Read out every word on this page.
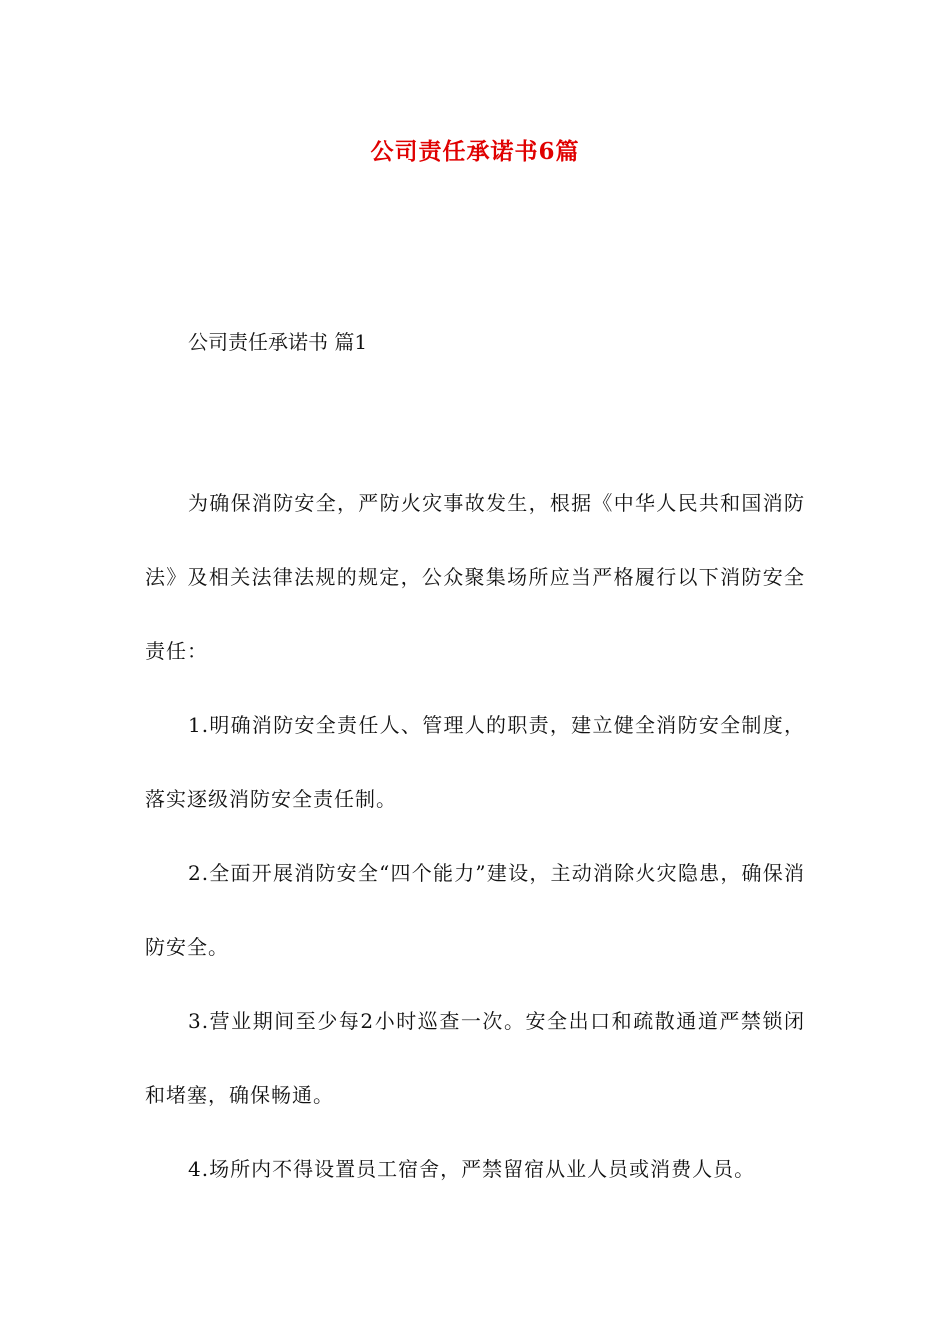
公司责任承诺书6篇

公司责任承诺书 篇1

为确保消防安全，严防火灾事故发生，根据《中华人民共和国消防法》及相关法律法规的规定，公众聚集场所应当严格履行以下消防安全责任：

1.明确消防安全责任人、管理人的职责，建立健全消防安全制度，落实逐级消防安全责任制。

2.全面开展消防安全“四个能力”建设，主动消除火灾隐患，确保消防安全。

3.营业期间至少每2小时巡查一次。安全出口和疏散通道严禁锁闭和堵塞，确保畅通。

4.场所内不得设置员工宿舍，严禁留宿从业人员或消费人员。
